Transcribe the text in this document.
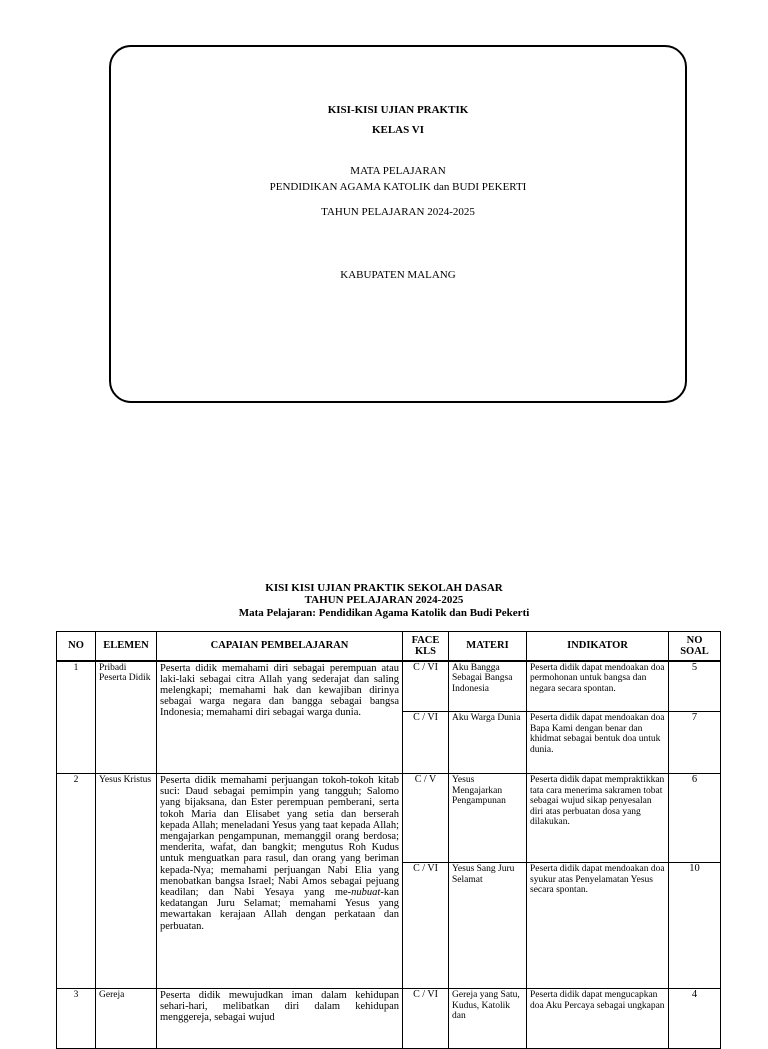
KISI-KISI UJIAN PRAKTIK
KELAS VI
MATA PELAJARAN
PENDIDIKAN AGAMA KATOLIK dan BUDI PEKERTI
TAHUN PELAJARAN 2024-2025
KABUPATEN MALANG
KISI KISI UJIAN PRAKTIK SEKOLAH DASAR
TAHUN PELAJARAN 2024-2025
Mata Pelajaran: Pendidikan Agama Katolik dan Budi Pekerti
NO	ELEMEN	CAPAIAN PEMBELAJARAN	FACE KLS	MATERI	INDIKATOR	NO SOAL
1	Pribadi Peserta Didik	Peserta didik memahami diri sebagai perempuan atau laki-laki sebagai citra Allah yang sederajat dan saling melengkapi; memahami hak dan kewajiban dirinya sebagai warga negara dan bangga sebagai bangsa Indonesia; memahami diri sebagai warga dunia.	C / VI	Aku Bangga Sebagai Bangsa Indonesia	Peserta didik dapat mendoakan doa permohonan untuk bangsa dan negara secara spontan.	5
			C / VI	Aku Warga Dunia	Peserta didik dapat mendoakan doa Bapa Kami dengan benar dan khidmat sebagai bentuk doa untuk dunia.	7
2	Yesus Kristus	Peserta didik memahami perjuangan tokoh-tokoh kitab suci: Daud sebagai pemimpin yang tangguh; Salomo yang bijaksana, dan Ester perempuan pemberani, serta tokoh Maria dan Elisabet yang setia dan berserah kepada Allah; meneladani Yesus yang taat kepada Allah; mengajarkan pengampunan, memanggil orang berdosa; menderita, wafat, dan bangkit; mengutus Roh Kudus untuk menguatkan para rasul, dan orang yang beriman kepada-Nya; memahami perjuangan Nabi Elia yang menobatkan bangsa Israel; Nabi Amos sebagai pejuang keadilan; dan Nabi Yesaya yang me-nubuat-kan kedatangan Juru Selamat; memahami Yesus yang mewartakan kerajaan Allah dengan perkataan dan perbuatan.	C / V	Yesus Mengajarkan Pengampunan	Peserta didik dapat mempraktikkan tata cara menerima sakramen tobat sebagai wujud sikap penyesalan diri atas perbuatan dosa yang dilakukan.	6
			C / VI	Yesus Sang Juru Selamat	Peserta didik dapat mendoakan doa syukur atas Penyelamatan Yesus secara spontan.	10
3	Gereja	Peserta didik mewujudkan iman dalam kehidupan sehari-hari, melibatkan diri dalam kehidupan menggereja, sebagai wujud	C / VI	Gereja yang Satu, Kudus, Katolik dan	Peserta didik dapat mengucapkan doa Aku Percaya sebagai ungkapan	4
